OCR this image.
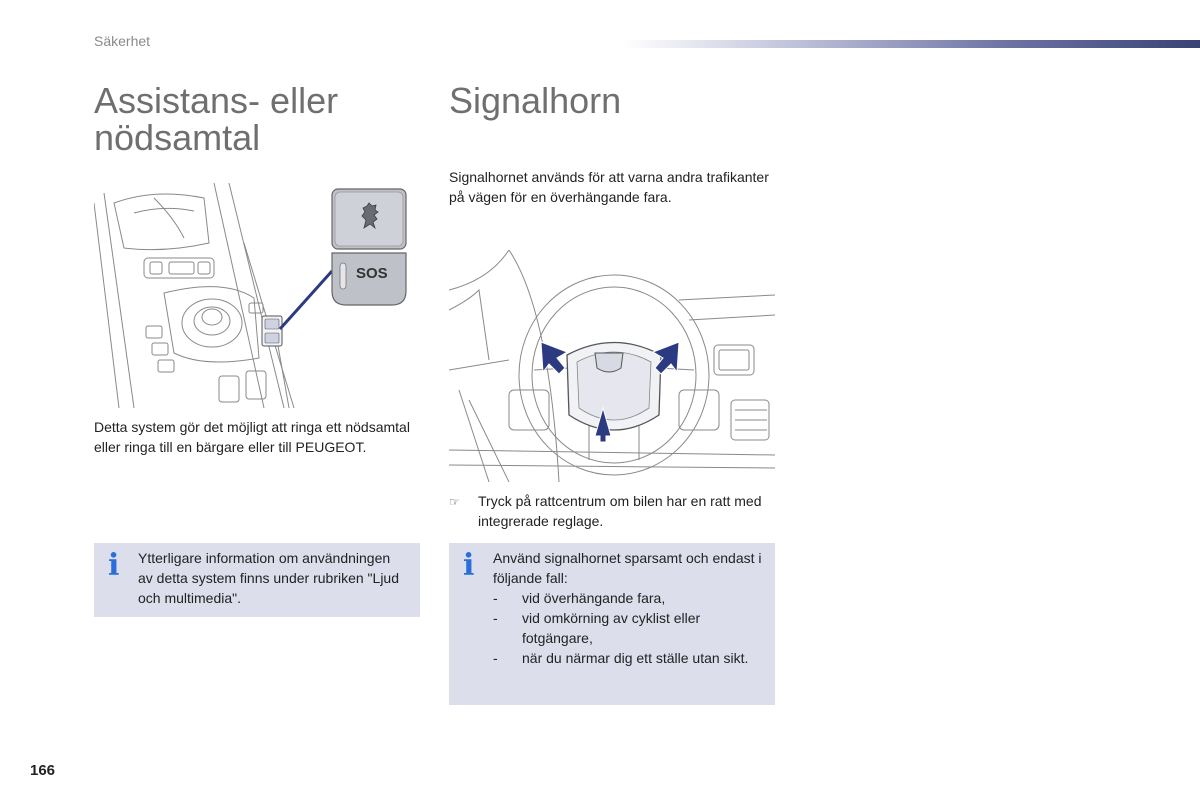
Säkerhet
Assistans- eller
nödsamtal
SOS
Detta system gör det möjligt att ringa ett nödsamtal eller ringa till en bärgare eller till PEUGEOT.
i Ytterligare information om användningen av detta system finns under rubriken "Ljud och multimedia".
Signalhorn
Signalhornet används för att varna andra trafikanter på vägen för en överhängande fara.
☞ Tryck på rattcentrum om bilen har en ratt med integrerade reglage.
i Använd signalhornet sparsamt och endast i följande fall:
- vid överhängande fara,
- vid omkörning av cyklist eller fotgängare,
- när du närmar dig ett ställe utan sikt.
166
